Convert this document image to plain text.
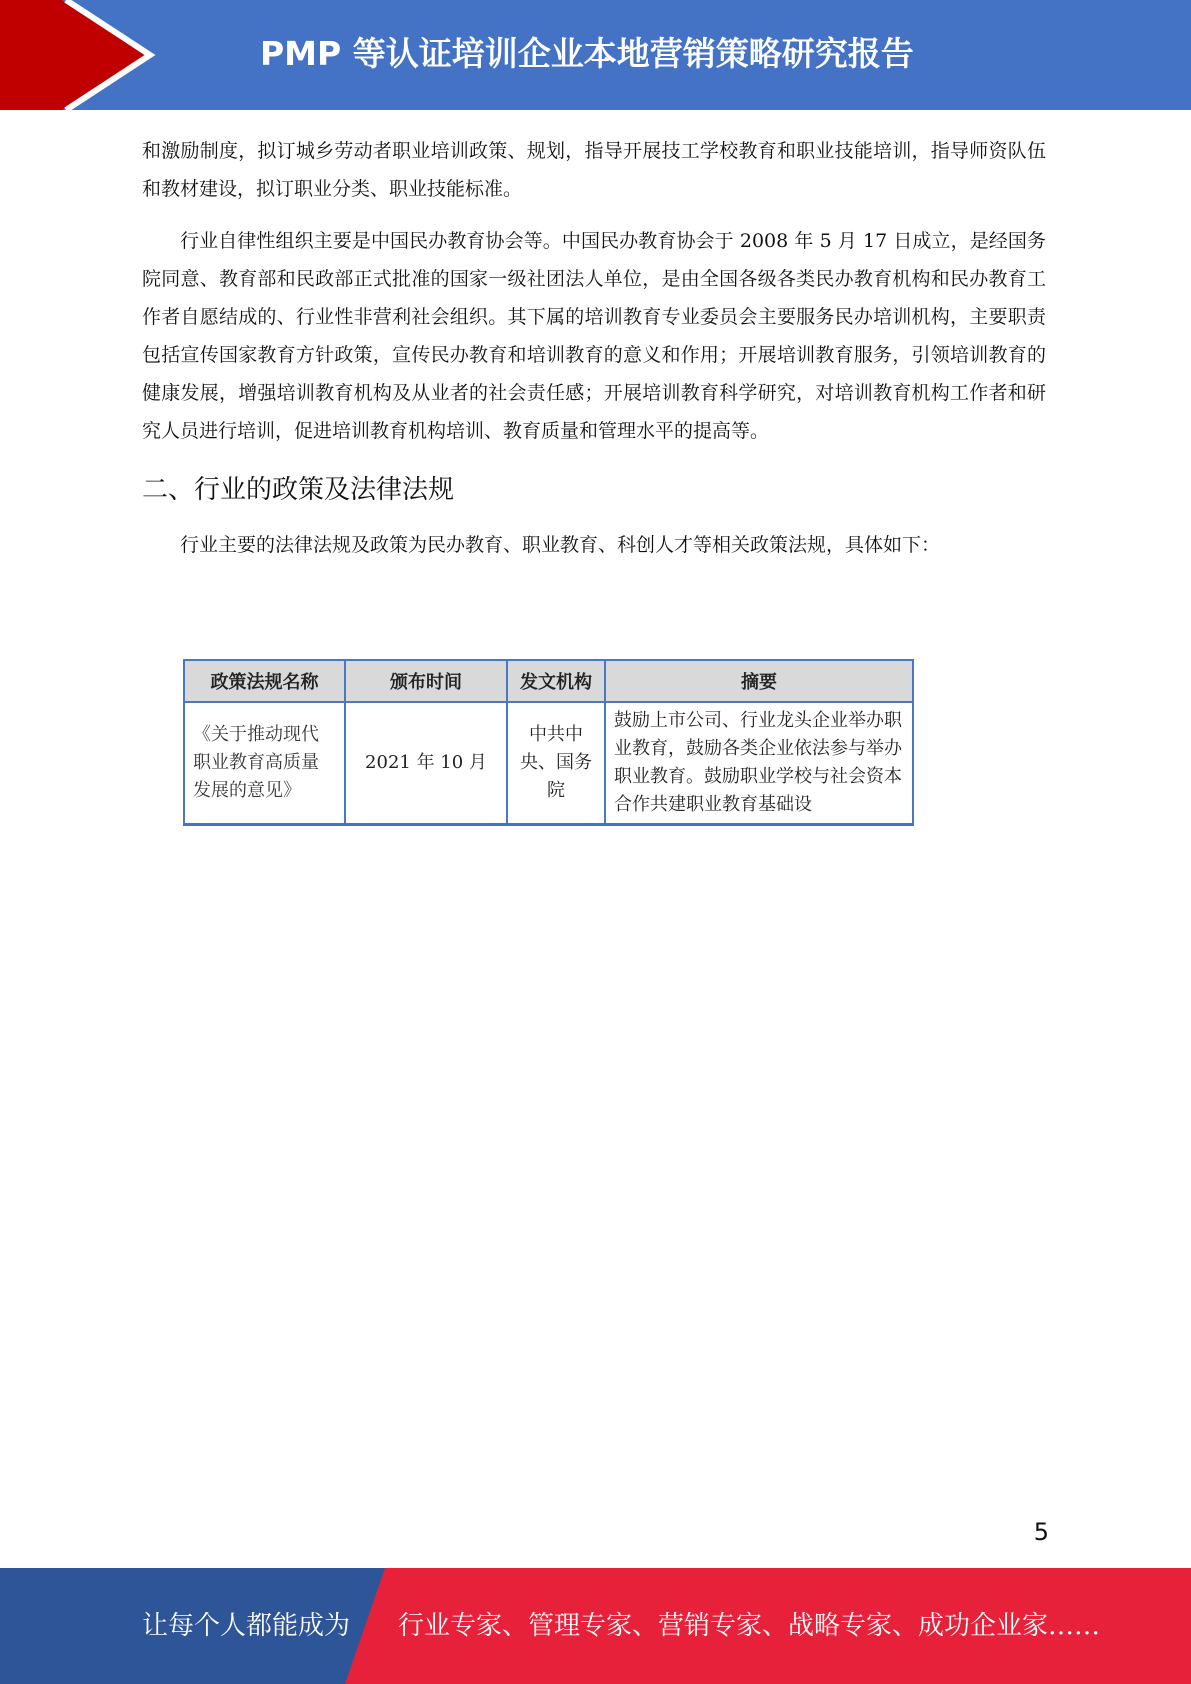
PMP 等认证培训企业本地营销策略研究报告

和激励制度，拟订城乡劳动者职业培训政策、规划，指导开展技工学校教育和职业技能培训，指导师资队伍和教材建设，拟订职业分类、职业技能标准。

行业自律性组织主要是中国民办教育协会等。中国民办教育协会于 2008 年 5 月 17 日成立，是经国务院同意、教育部和民政部正式批准的国家一级社团法人单位，是由全国各级各类民办教育机构和民办教育工作者自愿结成的、行业性非营利社会组织。其下属的培训教育专业委员会主要服务民办培训机构，主要职责包括宣传国家教育方针政策，宣传民办教育和培训教育的意义和作用；开展培训教育服务，引领培训教育的健康发展，增强培训教育机构及从业者的社会责任感；开展培训教育科学研究，对培训教育机构工作者和研究人员进行培训，促进培训教育机构培训、教育质量和管理水平的提高等。

二、行业的政策及法律法规

行业主要的法律法规及政策为民办教育、职业教育、科创人才等相关政策法规，具体如下：

政策法规名称	颁布时间	发文机构	摘要
《关于推动现代职业教育高质量发展的意见》	2021 年 10 月	中共中央、国务院	鼓励上市公司、行业龙头企业举办职业教育，鼓励各类企业依法参与举办职业教育。鼓励职业学校与社会资本合作共建职业教育基础设
5
让每个人都能成为 行业专家、管理专家、营销专家、战略专家、成功企业家……
